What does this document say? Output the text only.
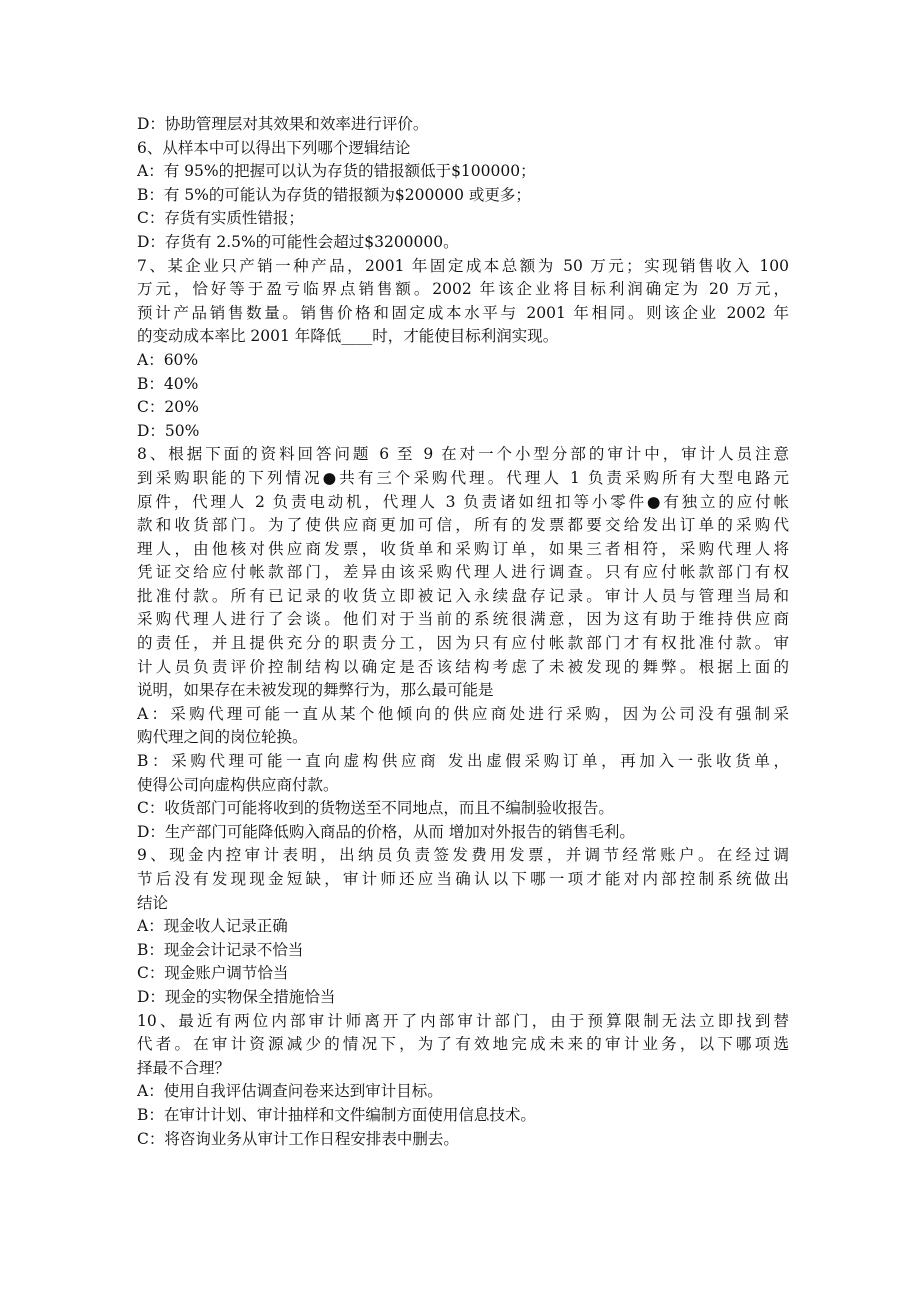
D：协助管理层对其效果和效率进行评价。
6、从样本中可以得出下列哪个逻辑结论
A：有 95%的把握可以认为存货的错报额低于$100000；
B：有 5%的可能认为存货的错报额为$200000 或更多；
C：存货有实质性错报；
D：存货有 2.5%的可能性会超过$3200000。
7、某企业只产销一种产品，2001 年固定成本总额为 50 万元；实现销售收入 100
万元，恰好等于盈亏临界点销售额。2002 年该企业将目标利润确定为 20 万元，
预计产品销售数量。销售价格和固定成本水平与 2001 年相同。则该企业 2002 年
的变动成本率比 2001 年降低____时，才能使目标利润实现。
A：60%
B：40%
C：20%
D：50%
8、根据下面的资料回答问题 6 至 9 在对一个小型分部的审计中，审计人员注意
到采购职能的下列情况●共有三个采购代理。代理人 1 负责采购所有大型电路元
原件，代理人 2 负责电动机，代理人 3 负责诸如纽扣等小零件●有独立的应付帐
款和收货部门。为了使供应商更加可信，所有的发票都要交给发出订单的采购代
理人，由他核对供应商发票，收货单和采购订单，如果三者相符，采购代理人将
凭证交给应付帐款部门，差异由该采购代理人进行调查。只有应付帐款部门有权
批准付款。所有已记录的收货立即被记入永续盘存记录。审计人员与管理当局和
采购代理人进行了会谈。他们对于当前的系统很满意，因为这有助于维持供应商
的责任，并且提供充分的职责分工，因为只有应付帐款部门才有权批准付款。审
计人员负责评价控制结构以确定是否该结构考虑了未被发现的舞弊。根据上面的
说明，如果存在未被发现的舞弊行为，那么最可能是
A：采购代理可能一直从某个他倾向的供应商处进行采购，因为公司没有强制采
购代理之间的岗位轮换。
B：采购代理可能一直向虚构供应商 发出虚假采购订单，再加入一张收货单，
使得公司向虚构供应商付款。
C：收货部门可能将收到的货物送至不同地点，而且不编制验收报告。
D：生产部门可能降低购入商品的价格，从而 增加对外报告的销售毛利。
9、现金内控审计表明，出纳员负责签发费用发票，并调节经常账户。在经过调
节后没有发现现金短缺，审计师还应当确认以下哪一项才能对内部控制系统做出
结论
A：现金收人记录正确
B：现金会计记录不恰当
C：现金账户调节恰当
D：现金的实物保全措施恰当
10、最近有两位内部审计师离开了内部审计部门，由于预算限制无法立即找到替
代者。在审计资源减少的情况下，为了有效地完成未来的审计业务，以下哪项选
择最不合理？
A：使用自我评估调查问卷来达到审计目标。
B：在审计计划、审计抽样和文件编制方面使用信息技术。
C：将咨询业务从审计工作日程安排表中删去。
